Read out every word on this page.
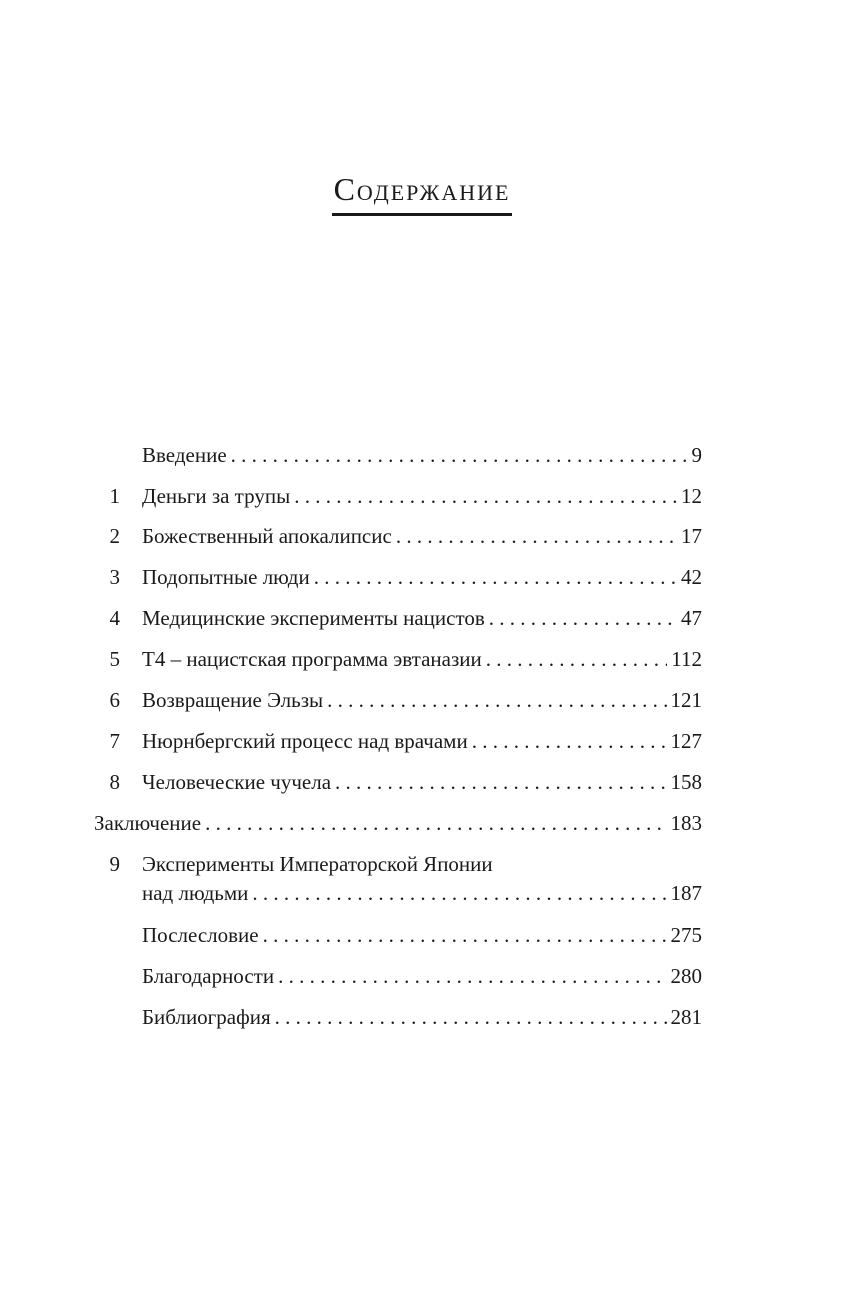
Содержание
Введение . . .	9
1 Деньги за трупы . . .	12
2 Божественный апокалипсис . . .	17
3 Подопытные люди . . .	42
4 Медицинские эксперименты нацистов . . .	47
5 Т4 – нацистская программа эвтаназии . . .	112
6 Возвращение Эльзы . . .	121
7 Нюрнбергский процесс над врачами . . .	127
8 Человеческие чучела . . .	158
Заключение . . .	183
9 Эксперименты Императорской Японии
над людьми . . .	187
Послесловие . . .	275
Благодарности . . .	280
Библиография . . .	281
